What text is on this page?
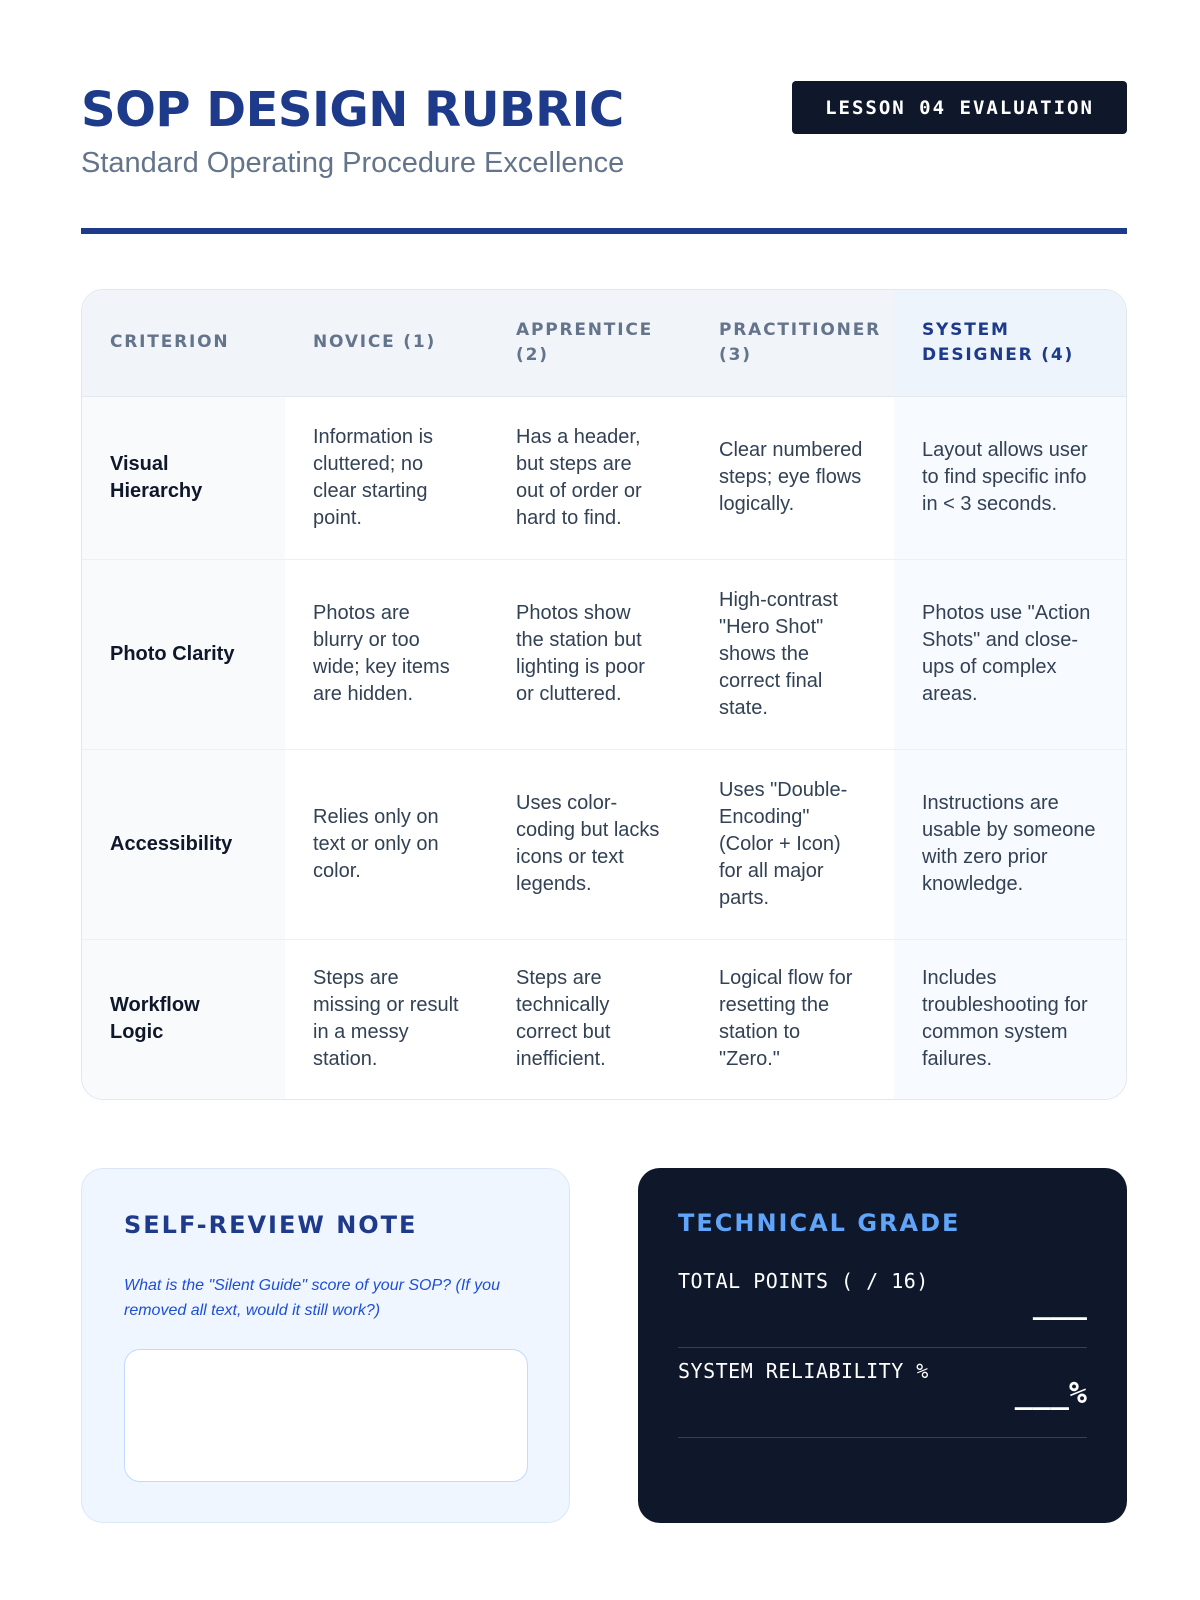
SOP DESIGN RUBRIC
Standard Operating Procedure Excellence
LESSON 04 EVALUATION
CRITERION	NOVICE (1)	APPRENTICE (2)	PRACTITIONER (3)	SYSTEM DESIGNER (4)
Visual Hierarchy	Information is cluttered; no clear starting point.	Has a header, but steps are out of order or hard to find.	Clear numbered steps; eye flows logically.	Layout allows user to find specific info in < 3 seconds.
Photo Clarity	Photos are blurry or too wide; key items are hidden.	Photos show the station but lighting is poor or cluttered.	High-contrast "Hero Shot" shows the correct final state.	Photos use "Action Shots" and close-ups of complex areas.
Accessibility	Relies only on text or only on color.	Uses color-coding but lacks icons or text legends.	Uses "Double-Encoding" (Color + Icon) for all major parts.	Instructions are usable by someone with zero prior knowledge.
Workflow Logic	Steps are missing or result in a messy station.	Steps are technically correct but inefficient.	Logical flow for resetting the station to "Zero."	Includes troubleshooting for common system failures.
SELF-REVIEW NOTE
What is the "Silent Guide" score of your SOP? (If you removed all text, would it still work?)
TECHNICAL GRADE
TOTAL POINTS ( / 16)
___
SYSTEM RELIABILITY %
___%
